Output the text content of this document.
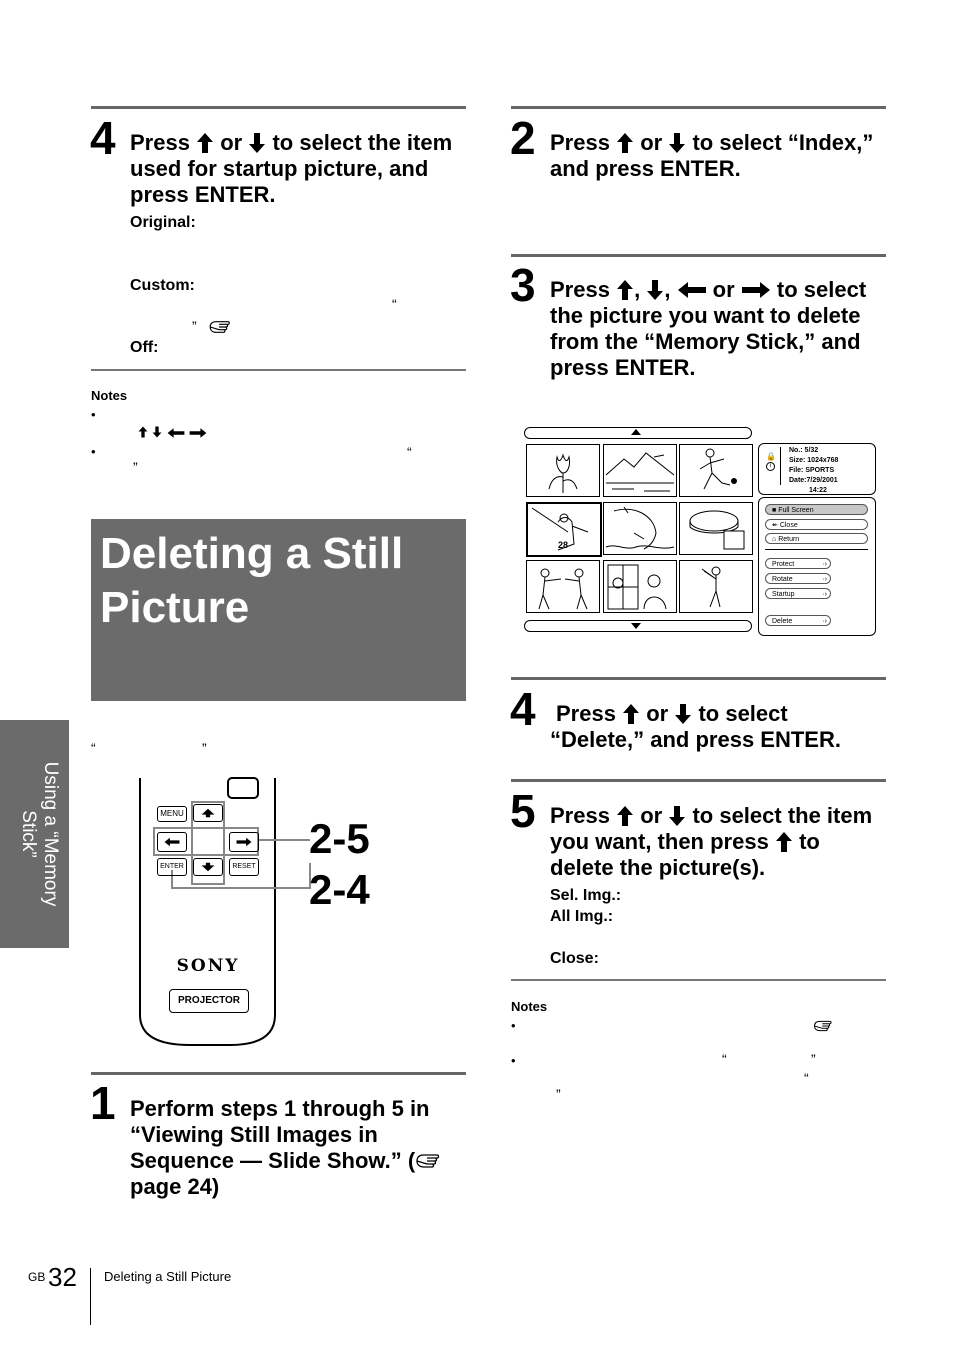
4 Press or to select the item
used for startup picture, and
press ENTER.
Original:
Custom:
“
”
Off:
Notes
•

•	“
”
Deleting a Still Picture
“	”
MENU
ENTER	RESET
SONY
PROJECTOR
2-5
2-4
1 Perform steps 1 through 5 in
“Viewing Still Images in
Sequence — Slide Show.” (
page 24)
Using a “Memory
Stick”
2 Press or to select “Index,”
and press ENTER.
3 Press , ,  or to select
the picture you want to delete
from the “Memory Stick,” and
press ENTER.
28
🔒
i
No.: 5/32
Size: 1024x768
File: SPORTS
Date:7/29/2001
14:22
■ Full Screen
↞ Close
⌂ Return
Protect	·›
Rotate	·›
Startup	·›
Delete	·›
4 Press or to select
“Delete,” and press ENTER.
5 Press or to select the item
you want, then press to
delete the picture(s).
Sel. Img.:
All Img.:
Close:
Notes
•
•	“	”
“
”
GB 32 Deleting a Still Picture
